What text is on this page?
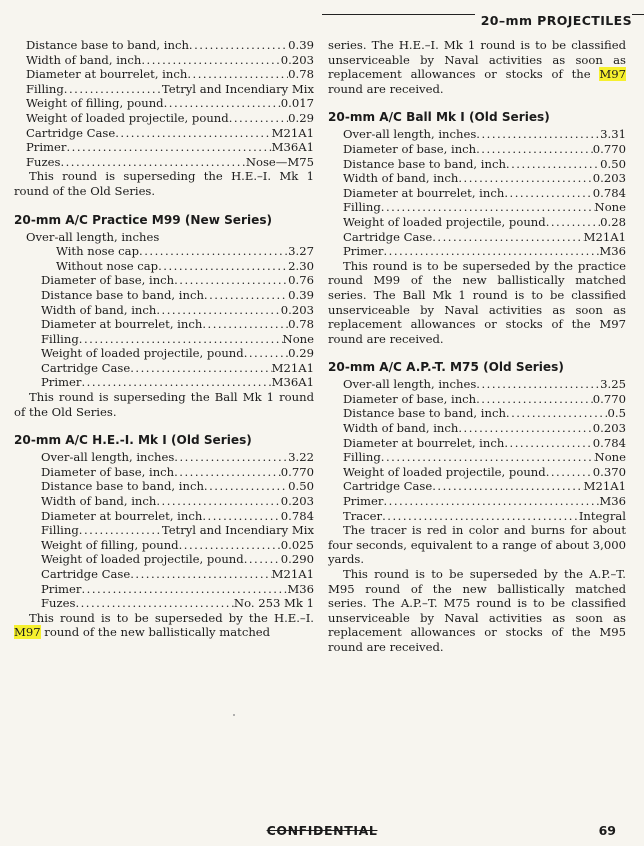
20–mm PROJECTILES
Distance base to band, inch .....	0.39
Width of band, inch .....	0.203
Diameter at bourrelet, inch .....	0.78
Filling .....	Tetryl and Incendiary Mix
Weight of filling, pound .....	0.017
Weight of loaded projectile, pound .....	0.29
Cartridge Case .....	M21A1
Primer .....	M36A1
Fuzes .....	Nose—M75

This round is superseding the H.E.–I. Mk 1 round of the Old Series.

20-mm A/C Practice M99 (New Series)
Over-all length, inches
With nose cap .....	3.27
Without nose cap .....	2.30
Diameter of base, inch .....	0.76
Distance base to band, inch .....	0.39
Width of band, inch .....	0.203
Diameter at bourrelet, inch .....	0.78
Filling .....	None
Weight of loaded projectile, pound .....	0.29
Cartridge Case .....	M21A1
Primer .....	M36A1

This round is superseding the Ball Mk 1 round of the Old Series.

20-mm A/C H.E.-I. Mk I (Old Series)
Over-all length, inches .....	3.22
Diameter of base, inch .....	0.770
Distance base to band, inch .....	0.50
Width of band, inch .....	0.203
Diameter at bourrelet, inch .....	0.784
Filling .....	Tetryl and Incendiary Mix
Weight of filling, pound .....	0.025
Weight of loaded projectile, pound .....	0.290
Cartridge Case .....	M21A1
Primer .....	M36
Fuzes .....	No. 253 Mk 1

This round is to be superseded by the H.E.–I. M97 round of the new ballistically matched

series. The H.E.–I. Mk 1 round is to be classified unserviceable by Naval activities as soon as replacement allowances or stocks of the M97 round are received.

20-mm A/C Ball Mk I (Old Series)
Over-all length, inches .....	3.31
Diameter of base, inch .....	0.770
Distance base to band, inch .....	0.50
Width of band, inch .....	0.203
Diameter at bourrelet, inch .....	0.784
Filling .....	None
Weight of loaded projectile, pound .....	0.28
Cartridge Case .....	M21A1
Primer .....	M36

This round is to be superseded by the practice round M99 of the new ballistically matched series. The Ball Mk 1 round is to be classified unserviceable by Naval activities as soon as replacement allowances or stocks of the M97 round are received.

20-mm A/C A.P.-T. M75 (Old Series)
Over-all length, inches .....	3.25
Diameter of base, inch .....	0.770
Distance base to band, inch .....	0.5
Width of band, inch .....	0.203
Diameter at bourrelet, inch .....	0.784
Filling .....	None
Weight of loaded projectile, pound .....	0.370
Cartridge Case .....	M21A1
Primer .....	M36
Tracer .....	Integral

The tracer is red in color and burns for about four seconds, equivalent to a range of about 3,000 yards.

This round is to be superseded by the A.P.–T. M95 round of the new ballistically matched series. The A.P.–T. M75 round is to be classified unserviceable by Naval activities as soon as replacement allowances or stocks of the M95 round are received.

CONFIDENTIAL	69
